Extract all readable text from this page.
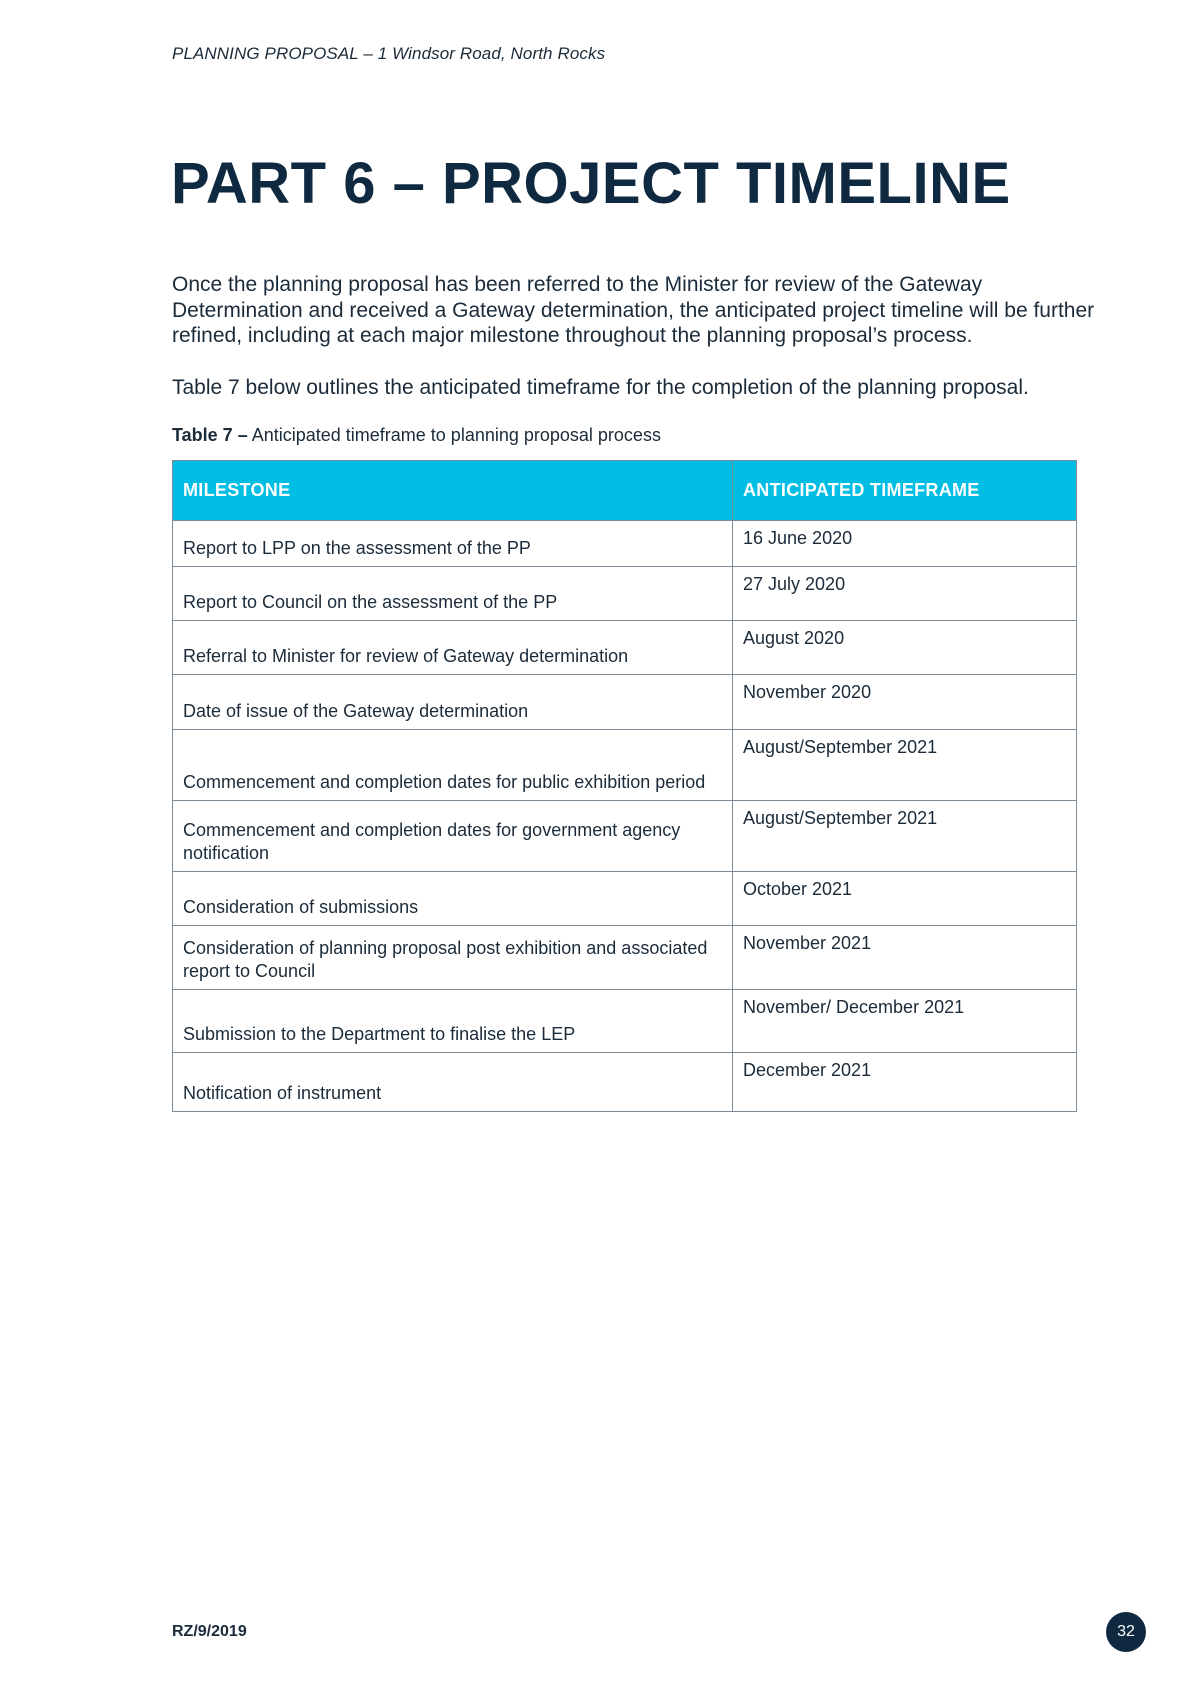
PLANNING PROPOSAL – 1 Windsor Road, North Rocks
PART 6 – PROJECT TIMELINE

Once the planning proposal has been referred to the Minister for review of the Gateway Determination and received a Gateway determination, the anticipated project timeline will be further refined, including at each major milestone throughout the planning proposal’s process.

Table 7 below outlines the anticipated timeframe for the completion of the planning proposal.

Table 7 – Anticipated timeframe to planning proposal process
MILESTONE	ANTICIPATED TIMEFRAME
Report to LPP on the assessment of the PP	16 June 2020
Report to Council on the assessment of the PP	27 July 2020
Referral to Minister for review of Gateway determination	August 2020
Date of issue of the Gateway determination	November 2020
Commencement and completion dates for public exhibition period	August/September 2021
Commencement and completion dates for government agency notification	August/September 2021
Consideration of submissions	October 2021
Consideration of planning proposal post exhibition and associated report to Council	November 2021
Submission to the Department to finalise the LEP	November/ December 2021
Notification of instrument	December 2021
RZ/9/2019	32
